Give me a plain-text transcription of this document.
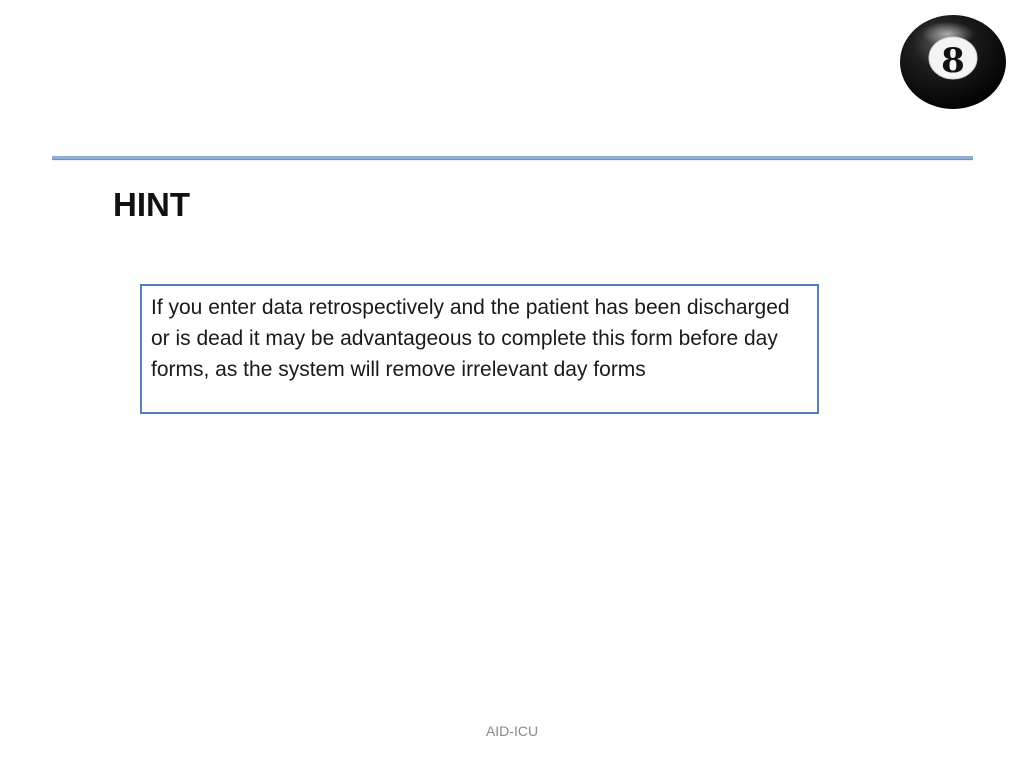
8
HINT

If you enter data retrospectively and the patient has been discharged or is dead it may be advantageous to complete this form before day forms, as the system will remove irrelevant day forms

AID-ICU
